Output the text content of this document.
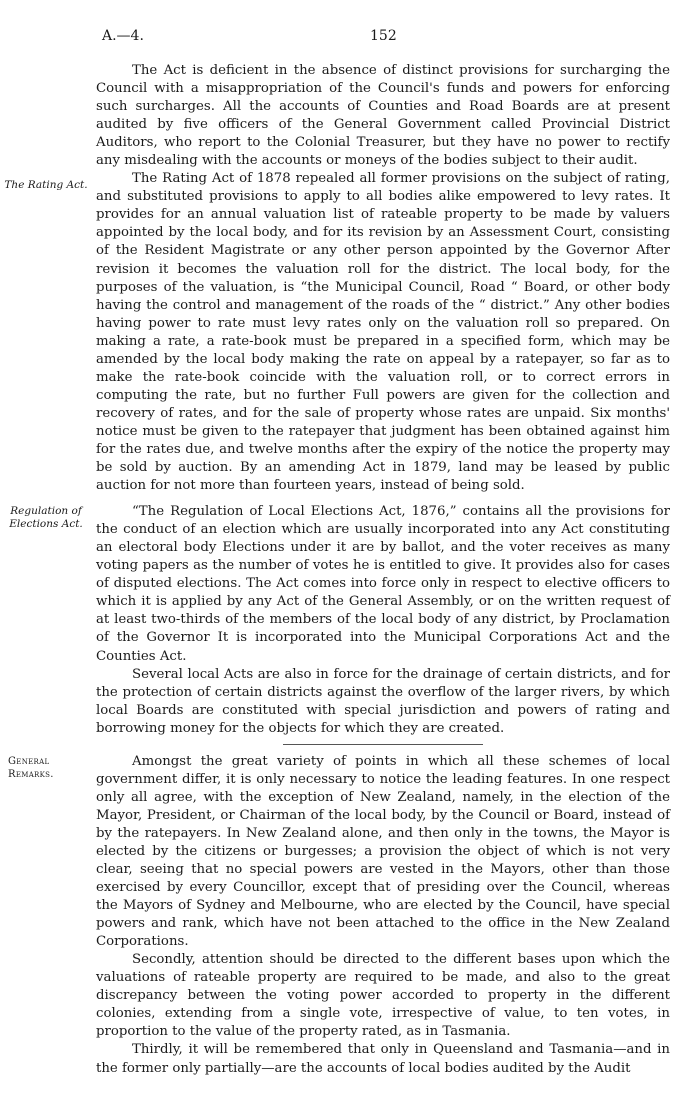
A.—4.	152

The Act is deficient in the absence of distinct provisions for surcharging the Council with a misappropriation of the Council's funds and powers for enforcing such surcharges. All the accounts of Counties and Road Boards are at present audited by five officers of the General Government called Provincial District Auditors, who report to the Colonial Treasurer, but they have no power to rectify any misdealing with the accounts or moneys of the bodies subject to their audit.

The Rating Act.	The Rating Act of 1878 repealed all former provisions on the subject of rating, and substituted provisions to apply to all bodies alike empowered to levy rates. It provides for an annual valuation list of rateable property to be made by valuers appointed by the local body, and for its revision by an Assessment Court, consisting of the Resident Magistrate or any other person appointed by the Governor After revision it becomes the valuation roll for the district. The local body, for the purposes of the valuation, is “the Municipal Council, Road “ Board, or other body having the control and management of the roads of the “ district.” Any other bodies having power to rate must levy rates only on the valuation roll so prepared. On making a rate, a rate-book must be prepared in a specified form, which may be amended by the local body making the rate on appeal by a ratepayer, so far as to make the rate-book coincide with the valuation roll, or to correct errors in computing the rate, but no further Full powers are given for the collection and recovery of rates, and for the sale of property whose rates are unpaid. Six months' notice must be given to the ratepayer that judgment has been obtained against him for the rates due, and twelve months after the expiry of the notice the property may be sold by auction. By an amending Act in 1879, land may be leased by public auction for not more than fourteen years, instead of being sold.

Regulation of Elections Act.

“The Regulation of Local Elections Act, 1876,” contains all the provisions for the conduct of an election which are usually incorporated into any Act constituting an electoral body Elections under it are by ballot, and the voter receives as many voting papers as the number of votes he is entitled to give. It provides also for cases of disputed elections. The Act comes into force only in respect to elective officers to which it is applied by any Act of the General Assembly, or on the written request of at least two-thirds of the members of the local body of any district, by Proclamation of the Governor It is incorporated into the Municipal Corporations Act and the Counties Act.

Several local Acts are also in force for the drainage of certain districts, and for the protection of certain districts against the overflow of the larger rivers, by which local Boards are constituted with special jurisdiction and powers of rating and borrowing money for the objects for which they are created.

General Remarks.

Amongst the great variety of points in which all these schemes of local government differ, it is only necessary to notice the leading features. In one respect only all agree, with the exception of New Zealand, namely, in the election of the Mayor, President, or Chairman of the local body, by the Council or Board, instead of by the ratepayers. In New Zealand alone, and then only in the towns, the Mayor is elected by the citizens or burgesses; a provision the object of which is not very clear, seeing that no special powers are vested in the Mayors, other than those exercised by every Councillor, except that of presiding over the Council, whereas the Mayors of Sydney and Melbourne, who are elected by the Council, have special powers and rank, which have not been attached to the office in the New Zealand Corporations.

Secondly, attention should be directed to the different bases upon which the valuations of rateable property are required to be made, and also to the great discrepancy between the voting power accorded to property in the different colonies, extending from a single vote, irrespective of value, to ten votes, in proportion to the value of the property rated, as in Tasmania.

Thirdly, it will be remembered that only in Queensland and Tasmania—and in the former only partially—are the accounts of local bodies audited by the Audit
